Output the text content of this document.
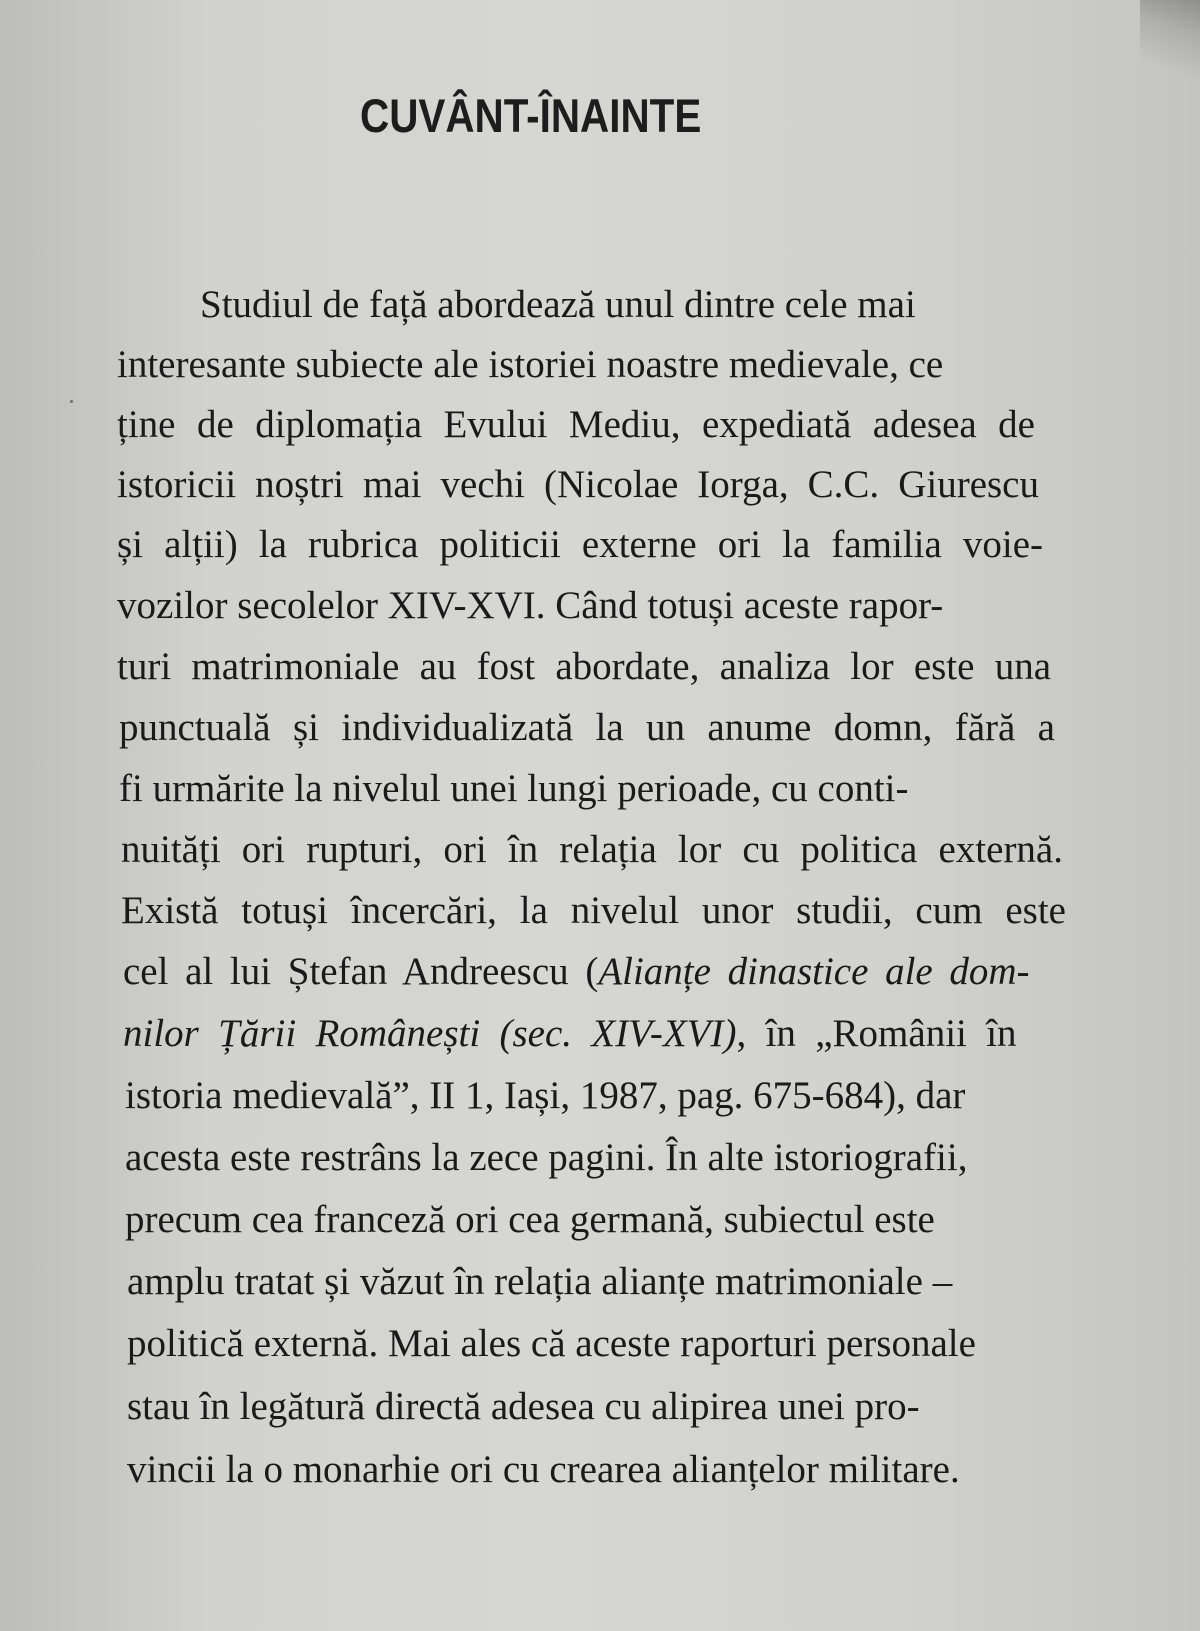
CUVÂNT-ÎNAINTE
Studiul de față abordează unul dintre cele mai
interesante subiecte ale istoriei noastre medievale, ce
ține de diplomația Evului Mediu, expediată adesea de
istoricii noștri mai vechi (Nicolae Iorga, C.C. Giurescu
și alții) la rubrica politicii externe ori la familia voie-
vozilor secolelor XIV-XVI. Când totuși aceste rapor-
turi matrimoniale au fost abordate, analiza lor este una
punctuală și individualizată la un anume domn, fără a
fi urmărite la nivelul unei lungi perioade, cu conti-
nuități ori rupturi, ori în relația lor cu politica externă.
Există totuși încercări, la nivelul unor studii, cum este
cel al lui Ștefan Andreescu (Alianțe dinastice ale dom-
nilor Țării Românești (sec. XIV-XVI), în „Românii în
istoria medievală”, II 1, Iași, 1987, pag. 675-684), dar
acesta este restrâns la zece pagini. În alte istoriografii,
precum cea franceză ori cea germană, subiectul este
amplu tratat și văzut în relația alianțe matrimoniale –
politică externă. Mai ales că aceste raporturi personale
stau în legătură directă adesea cu alipirea unei pro-
vincii la o monarhie ori cu crearea alianțelor militare.
